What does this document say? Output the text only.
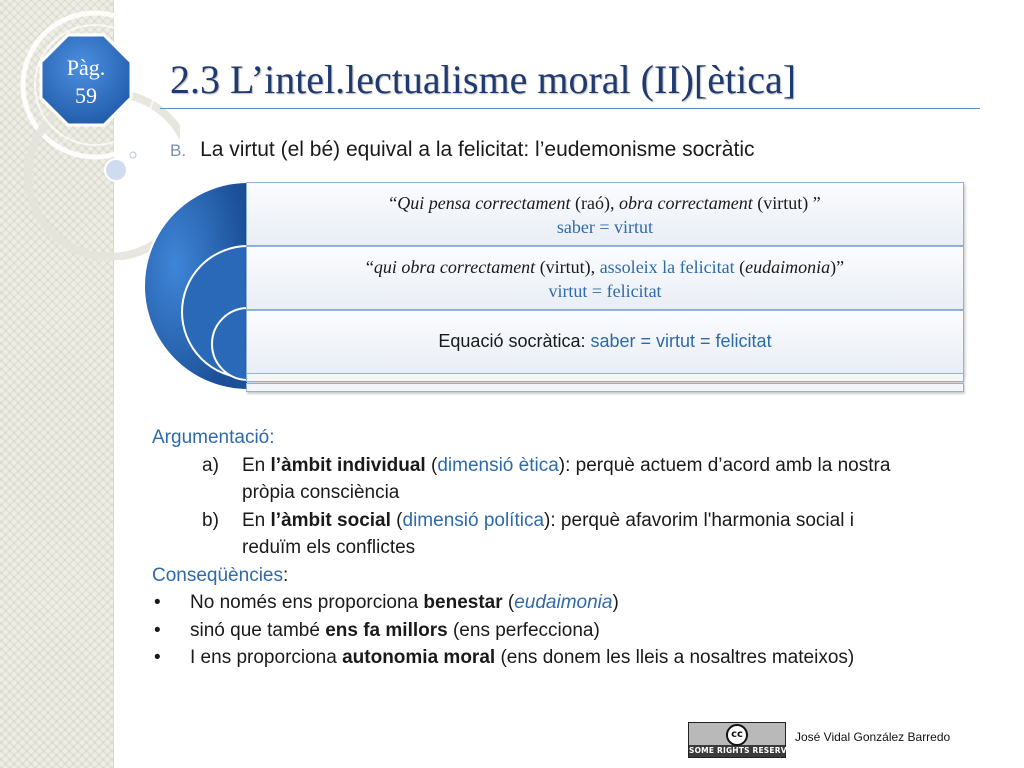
Pàg.
59	2.3 L’intel.lectualisme moral (II)[ètica]
B. La virtut (el bé) equival a la felicitat: l’eudemonisme socràtic
“Qui pensa correctament (raó), obra correctament (virtut) ”
saber = virtut
“qui obra correctament (virtut), assoleix la felicitat (eudaimonia)”
virtut = felicitat
Equació socràtica: saber = virtut = felicitat
Argumentació:
a) En l’àmbit individual (dimensió ètica): perquè actuem d’acord amb la nostra
pròpia consciència
b) En l’àmbit social (dimensió política): perquè afavorim l'harmonia social i
reduïm els conflictes
Conseqüències:
• No només ens proporciona benestar (eudaimonia)
• sinó que també ens fa millors (ens perfecciona)
• I ens proporciona autonomia moral (ens donem les lleis a nosaltres mateixos)
cc
SOME RIGHTS RESERVED
José Vidal González Barredo
